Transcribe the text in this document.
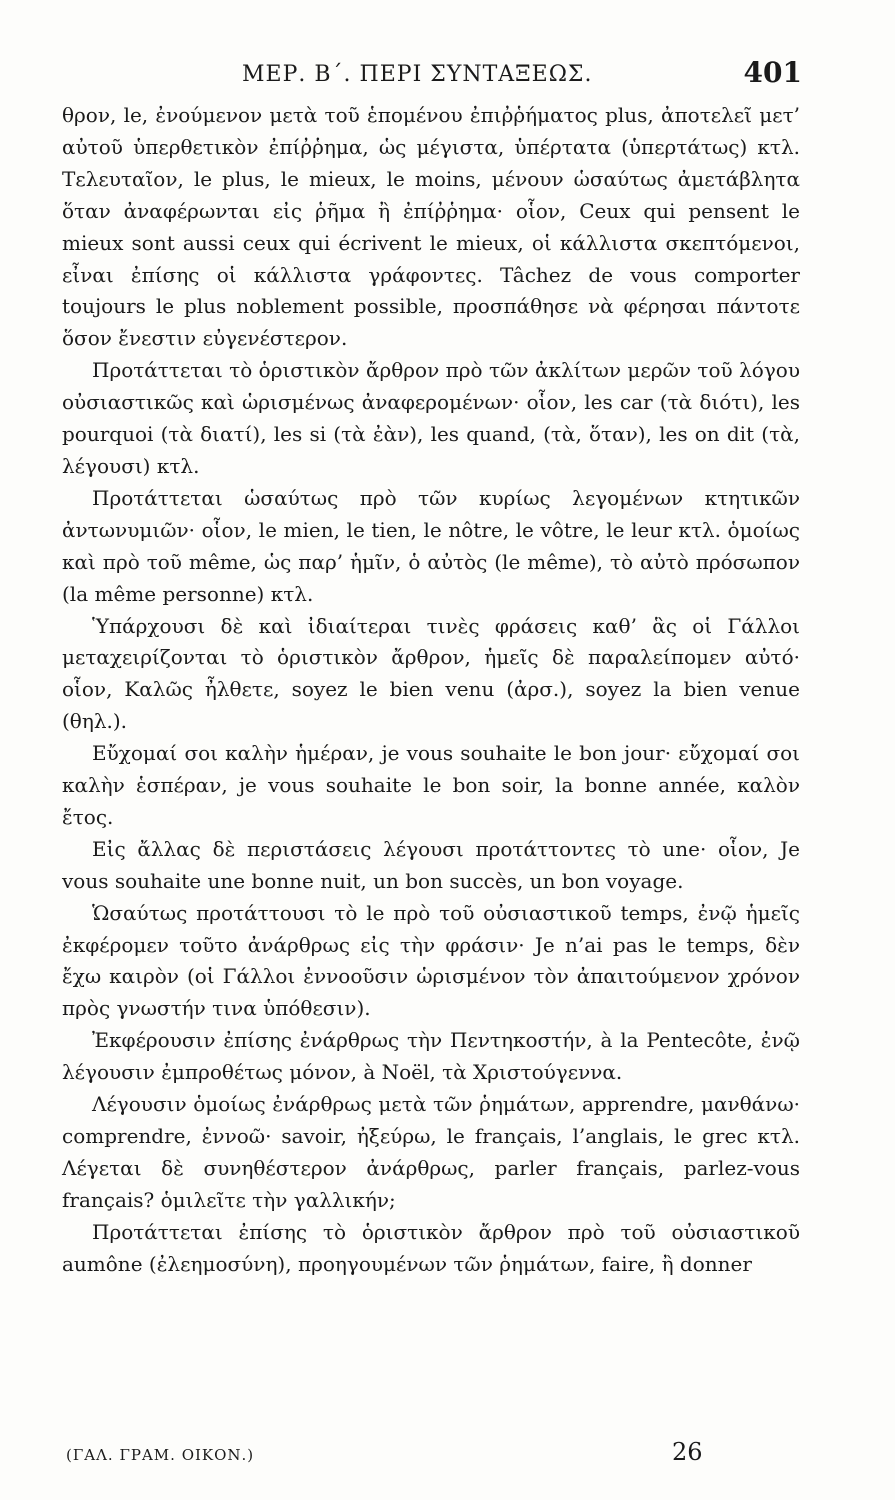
ΜΕΡ. Β΄. ΠΕΡΙ ΣΥΝΤΑΞΕΩΣ.	401

θρον, le, ἐνούμενον μετὰ τοῦ ἑπομένου ἐπιῤῥήματος plus, ἀποτελεῖ μετ’ αὐτοῦ ὑπερθετικὸν ἐπίῤῥημα, ὡς μέγιστα, ὑπέρτατα (ὑπερτάτως) κτλ. Τελευταῖον, le plus, le mieux, le moins, μένουν ὡσαύτως ἀμετάβλητα ὅταν ἀναφέρωνται εἰς ῥῆμα ἢ ἐπίῤῥημα· οἷον, Ceux qui pensent le mieux sont aussi ceux qui écrivent le mieux, οἱ κάλλιστα σκεπτόμενοι, εἶναι ἐπίσης οἱ κάλλιστα γράφοντες. Tâchez de vous comporter toujours le plus noblement possible, προσπάθησε νὰ φέρησαι πάντοτε ὅσον ἔνεστιν εὐγενέστερον.

Προτάττεται τὸ ὁριστικὸν ἄρθρον πρὸ τῶν ἀκλίτων μερῶν τοῦ λόγου οὐσιαστικῶς καὶ ὡρισμένως ἀναφερομένων· οἷον, les car (τὰ διότι), les pourquoi (τὰ διατί), les si (τὰ ἐὰν), les quand, (τὰ, ὅταν), les on dit (τὰ, λέγουσι) κτλ.

Προτάττεται ὡσαύτως πρὸ τῶν κυρίως λεγομένων κτητικῶν ἀντωνυμιῶν· οἷον, le mien, le tien, le nôtre, le vôtre, le leur κτλ. ὁμοίως καὶ πρὸ τοῦ même, ὡς παρ’ ἡμῖν, ὁ αὐτὸς (le même), τὸ αὐτὸ πρόσωπον (la même personne) κτλ.

Ὑπάρχουσι δὲ καὶ ἰδιαίτεραι τινὲς φράσεις καθ’ ἃς οἱ Γάλλοι μεταχειρίζονται τὸ ὁριστικὸν ἄρθρον, ἡμεῖς δὲ παραλείπομεν αὐτό· οἷον, Καλῶς ἦλθετε, soyez le bien venu (ἀρσ.), soyez la bien venue (θηλ.).

Εὔχομαί σοι καλὴν ἡμέραν, je vous souhaite le bon jour· εὔχομαί σοι καλὴν ἑσπέραν, je vous souhaite le bon soir, la bonne année, καλὸν ἔτος.

Εἰς ἄλλας δὲ περιστάσεις λέγουσι προτάττοντες τὸ une· οἷον, Je vous souhaite une bonne nuit, un bon succès, un bon voyage.

Ὡσαύτως προτάττουσι τὸ le πρὸ τοῦ οὐσιαστικοῦ temps, ἐνῷ ἡμεῖς ἐκφέρομεν τοῦτο ἀνάρθρως εἰς τὴν φράσιν· Je n’ai pas le temps, δὲν ἔχω καιρὸν (οἱ Γάλλοι ἐννοοῦσιν ὡρισμένον τὸν ἀπαιτούμενον χρόνον πρὸς γνωστήν τινα ὑπόθεσιν).

Ἐκφέρουσιν ἐπίσης ἐνάρθρως τὴν Πεντηκοστήν, à la Pentecôte, ἐνῷ λέγουσιν ἐμπροθέτως μόνον, à Noël, τὰ Χριστούγεννα.

Λέγουσιν ὁμοίως ἐνάρθρως μετὰ τῶν ῥημάτων, apprendre, μανθάνω· comprendre, ἐννοῶ· savoir, ἠξεύρω, le français, l’anglais, le grec κτλ. Λέγεται δὲ συνηθέστερον ἀνάρθρως, parler français, parlez-vous français? ὁμιλεῖτε τὴν γαλλικήν;

Προτάττεται ἐπίσης τὸ ὁριστικὸν ἄρθρον πρὸ τοῦ οὐσιαστικοῦ aumône (ἐλεημοσύνη), προηγουμένων τῶν ῥημάτων, faire, ἢ donner

(ΓΑΛ. ΓΡΑΜ. ΟΙΚΟΝ.)	26
